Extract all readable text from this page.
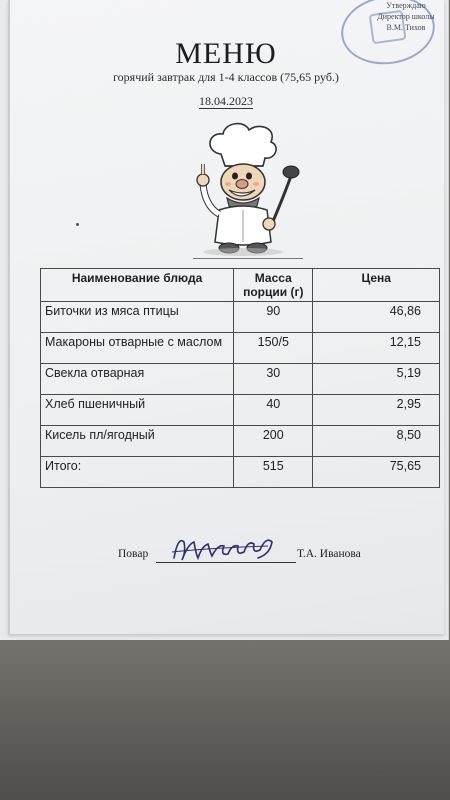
Утверждаю
Директор школы
В.М. Тихов
МЕНЮ
горячий завтрак для 1-4 классов (75,65 руб.)
18.04.2023
Наименование блюда	Масса порции (г)	Цена
Биточки из мяса птицы	90	46,86
Макароны отварные с маслом	150/5	12,15
Свекла отварная	30	5,19
Хлеб пшеничный	40	2,95
Кисель пл/ягодный	200	8,50
Итого:	515	75,65
Повар	Т.А. Иванова
